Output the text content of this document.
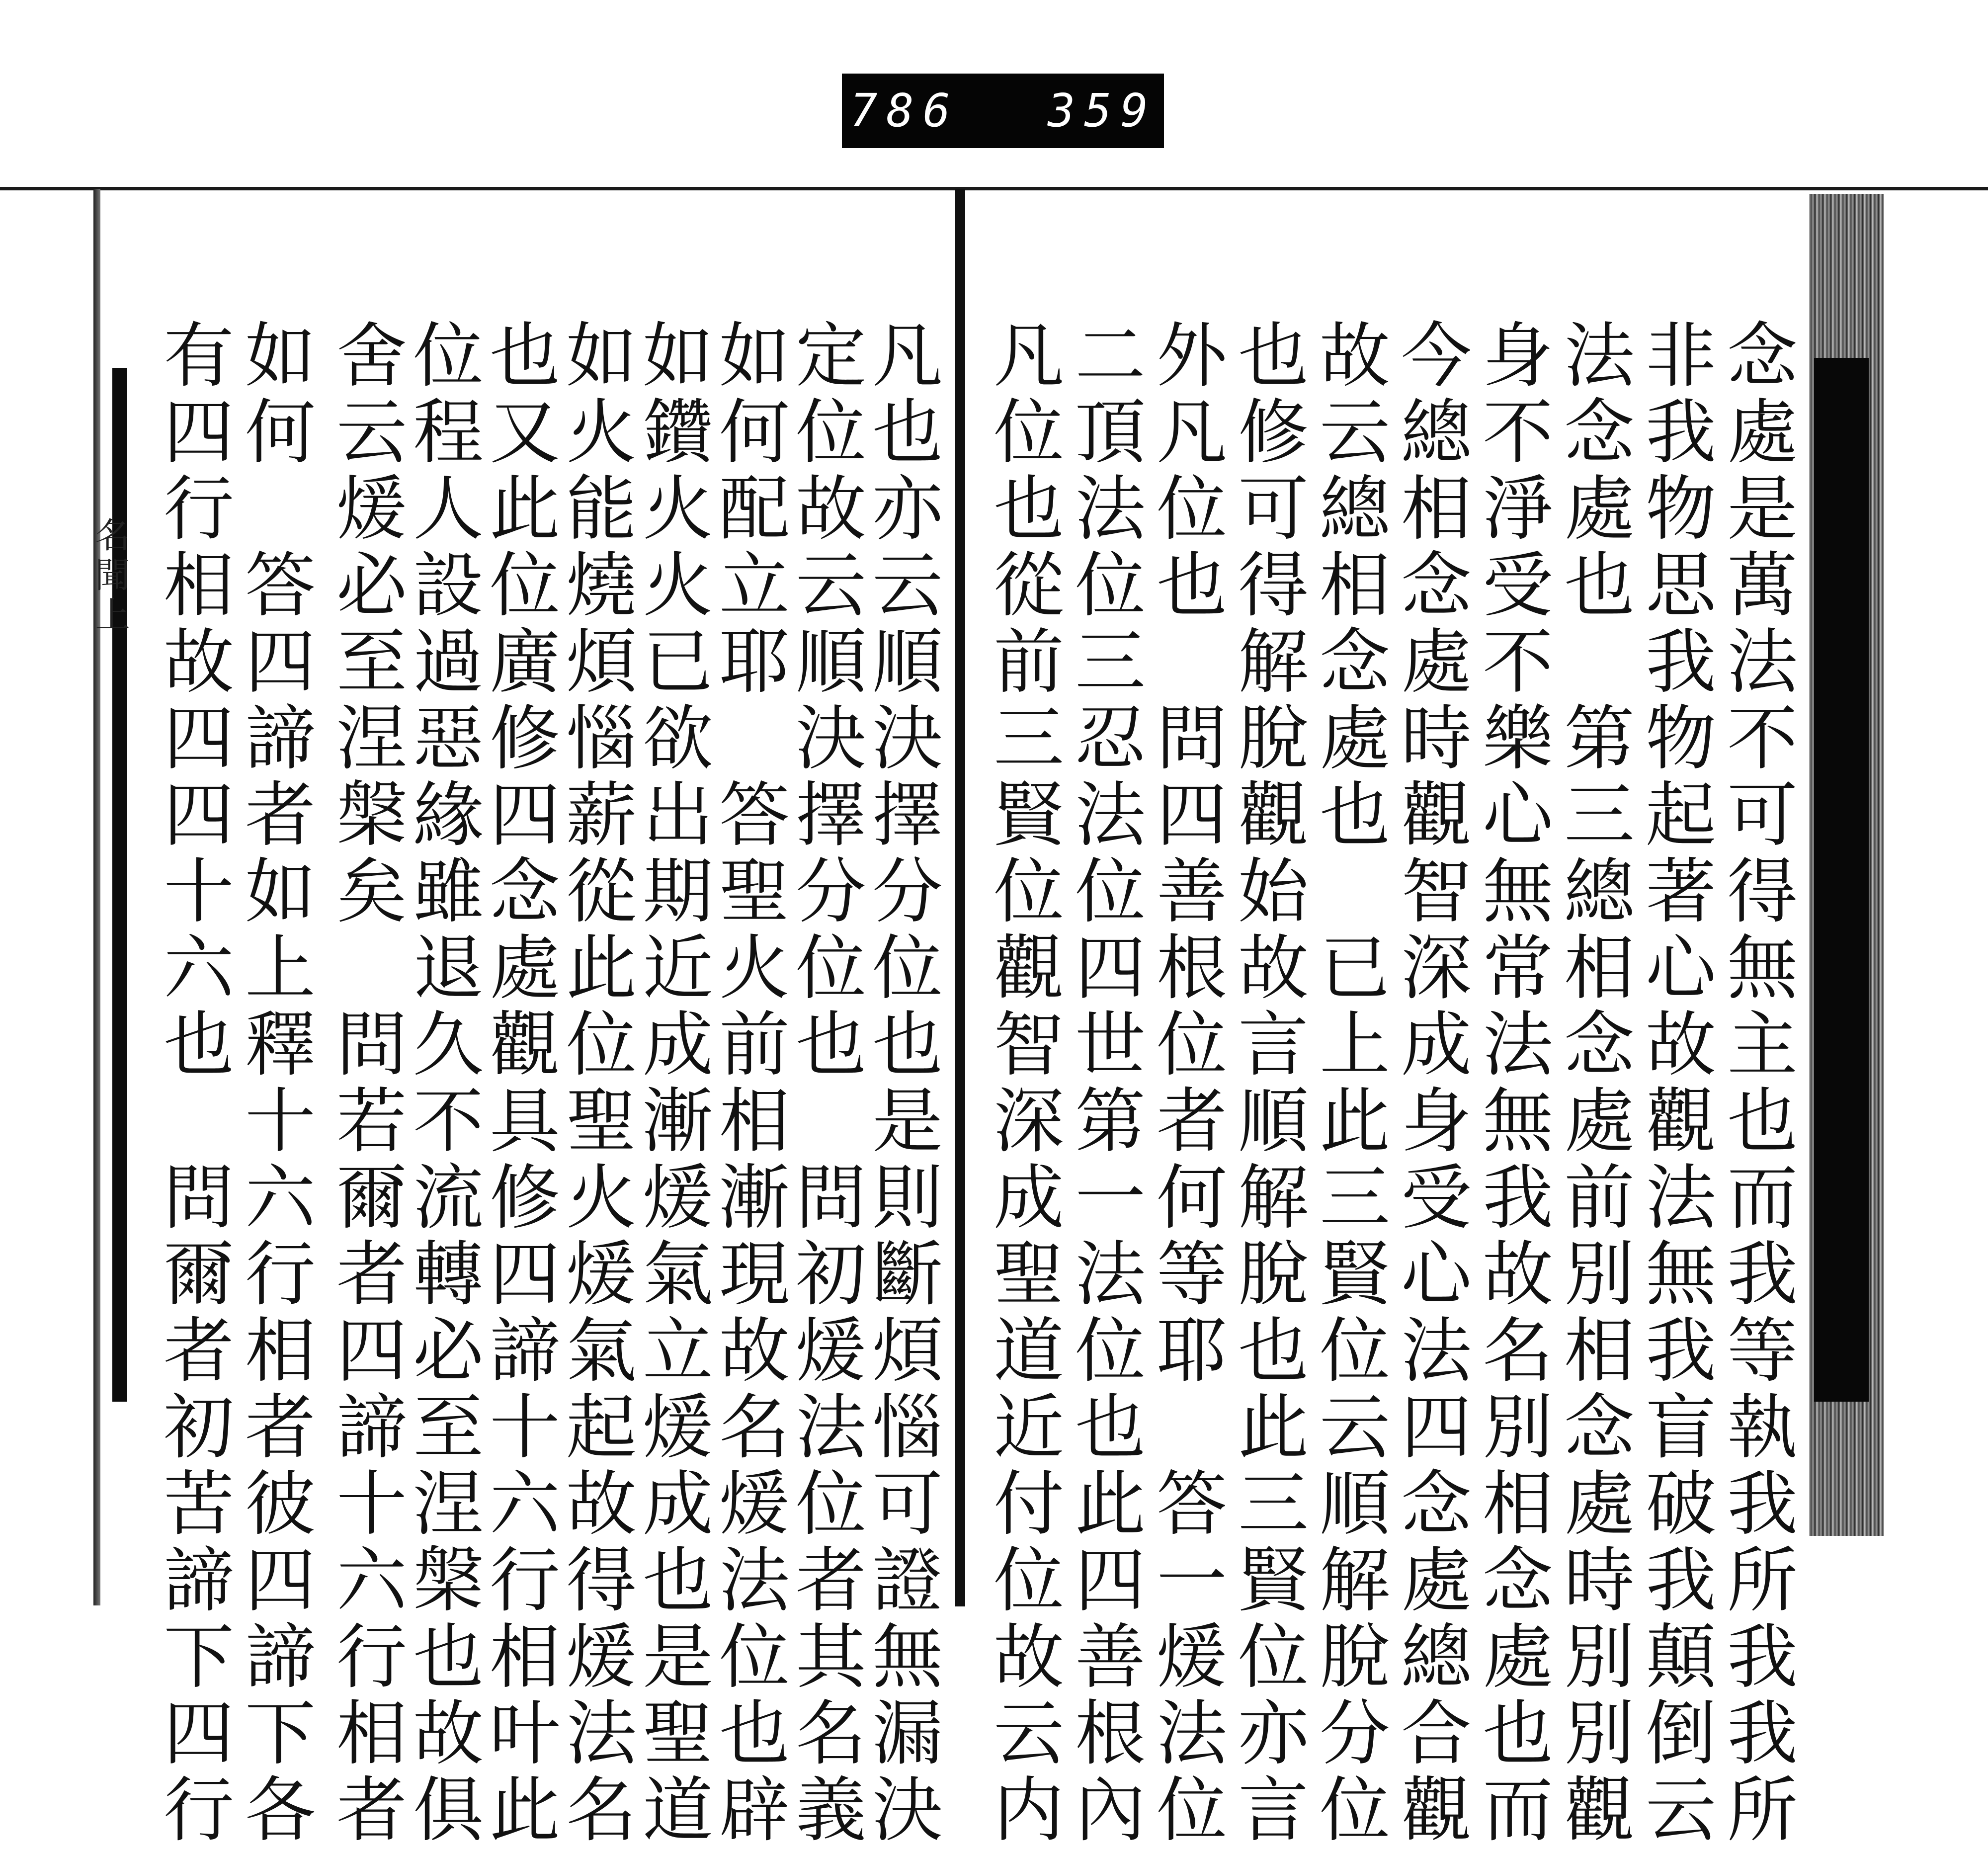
786 359
名聞上	念處是萬法不可得無主也而我等執我所我我所
非我物思我物起著心故觀法無我盲破我顛倒云
法念處也　第三總相念處前別相念處時別別觀
身不淨受不樂心無常法無我故名別相念處也而
今總相念處時觀智深成身受心法四念處總合觀
故云總相念處也　已上此三賢位云順解脫分位
也修可得解脫觀始故言順解脫也此三賢位亦言
外凡位也　問四善根位者何等耶　答一煖法位
二頂法位三忍法位四世第一法位也此四善根內
凡位也從前三賢位觀智深成聖道近付位故云内
凡也亦云順決擇分位也是則斷煩惱可證無漏決
定位故云順決擇分位也　問初煖法位者其名義
如何配立耶　答聖火前相漸現故名煖法位也辟
如鑽火火已欲出期近成漸煖氣立煖成也是聖道
如火能燒煩惱薪從此位聖火煖氣起故得煖法名
也又此位廣修四念處觀具修四諦十六行相叶此
位程人設過惡緣雖退久不流轉必至涅槃也故俱
舍云煖必至涅槃矣　問若爾者四諦十六行相者
如何　答四諦者如上釋十六行相者彼四諦下各
有四行相故四四十六也　問爾者初苦諦下四行
